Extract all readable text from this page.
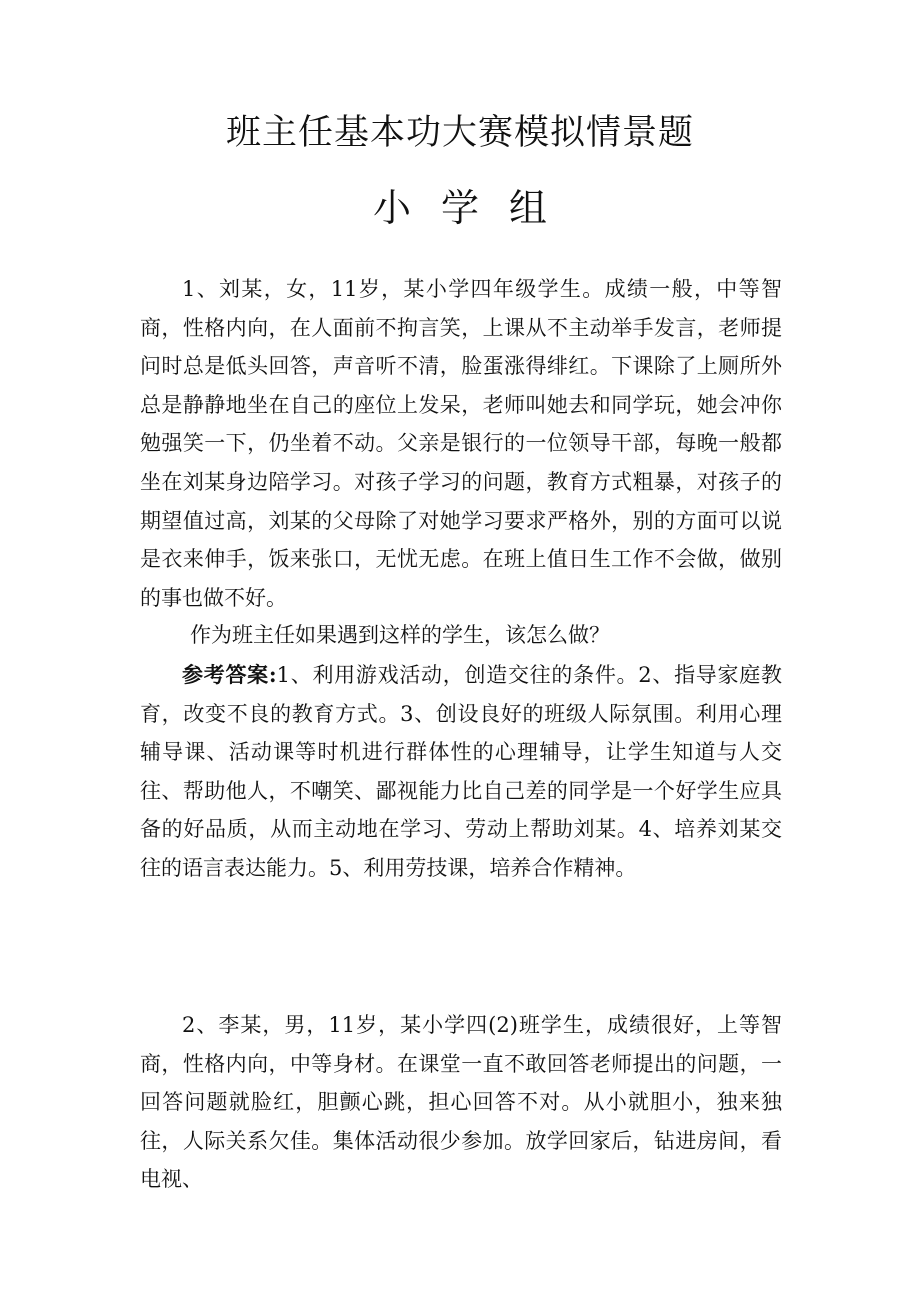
班主任基本功大赛模拟情景题
小学组

1、刘某，女，11岁，某小学四年级学生。成绩一般，中等智商，性格内向，在人面前不拘言笑，上课从不主动举手发言，老师提问时总是低头回答，声音听不清，脸蛋涨得绯红。下课除了上厕所外总是静静地坐在自己的座位上发呆，老师叫她去和同学玩，她会冲你勉强笑一下，仍坐着不动。父亲是银行的一位领导干部，每晚一般都坐在刘某身边陪学习。对孩子学习的问题，教育方式粗暴，对孩子的期望值过高，刘某的父母除了对她学习要求严格外，别的方面可以说是衣来伸手，饭来张口，无忧无虑。在班上值日生工作不会做，做别的事也做不好。

作为班主任如果遇到这样的学生，该怎么做？

参考答案:1、利用游戏活动，创造交往的条件。2、指导家庭教育，改变不良的教育方式。3、创设良好的班级人际氛围。利用心理辅导课、活动课等时机进行群体性的心理辅导，让学生知道与人交往、帮助他人，不嘲笑、鄙视能力比自己差的同学是一个好学生应具备的好品质，从而主动地在学习、劳动上帮助刘某。4、培养刘某交往的语言表达能力。5、利用劳技课，培养合作精神。

2、李某，男，11岁，某小学四(2)班学生，成绩很好，上等智商，性格内向，中等身材。在课堂一直不敢回答老师提出的问题，一回答问题就脸红，胆颤心跳，担心回答不对。从小就胆小，独来独往，人际关系欠佳。集体活动很少参加。放学回家后，钻进房间，看电视、
